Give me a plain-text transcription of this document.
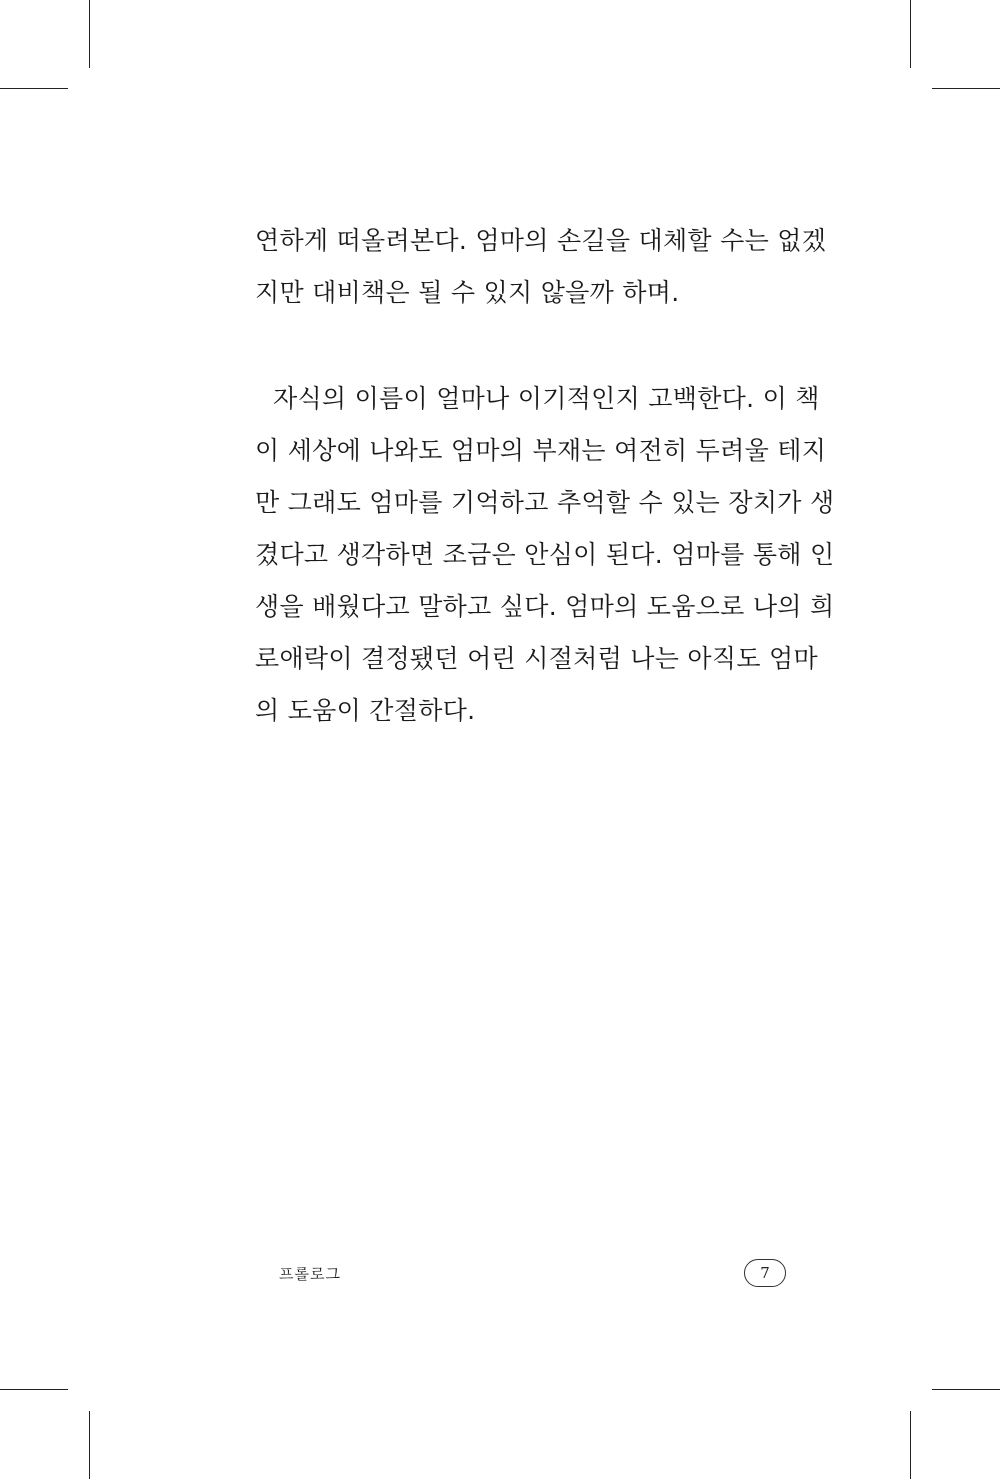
연하게 떠올려본다. 엄마의 손길을 대체할 수는 없겠
지만 대비책은 될 수 있지 않을까 하며.
자식의 이름이 얼마나 이기적인지 고백한다. 이 책
이 세상에 나와도 엄마의 부재는 여전히 두려울 테지
만 그래도 엄마를 기억하고 추억할 수 있는 장치가 생
겼다고 생각하면 조금은 안심이 된다. 엄마를 통해 인
생을 배웠다고 말하고 싶다. 엄마의 도움으로 나의 희
로애락이 결정됐던 어린 시절처럼 나는 아직도 엄마
의 도움이 간절하다.
프롤로그	7
